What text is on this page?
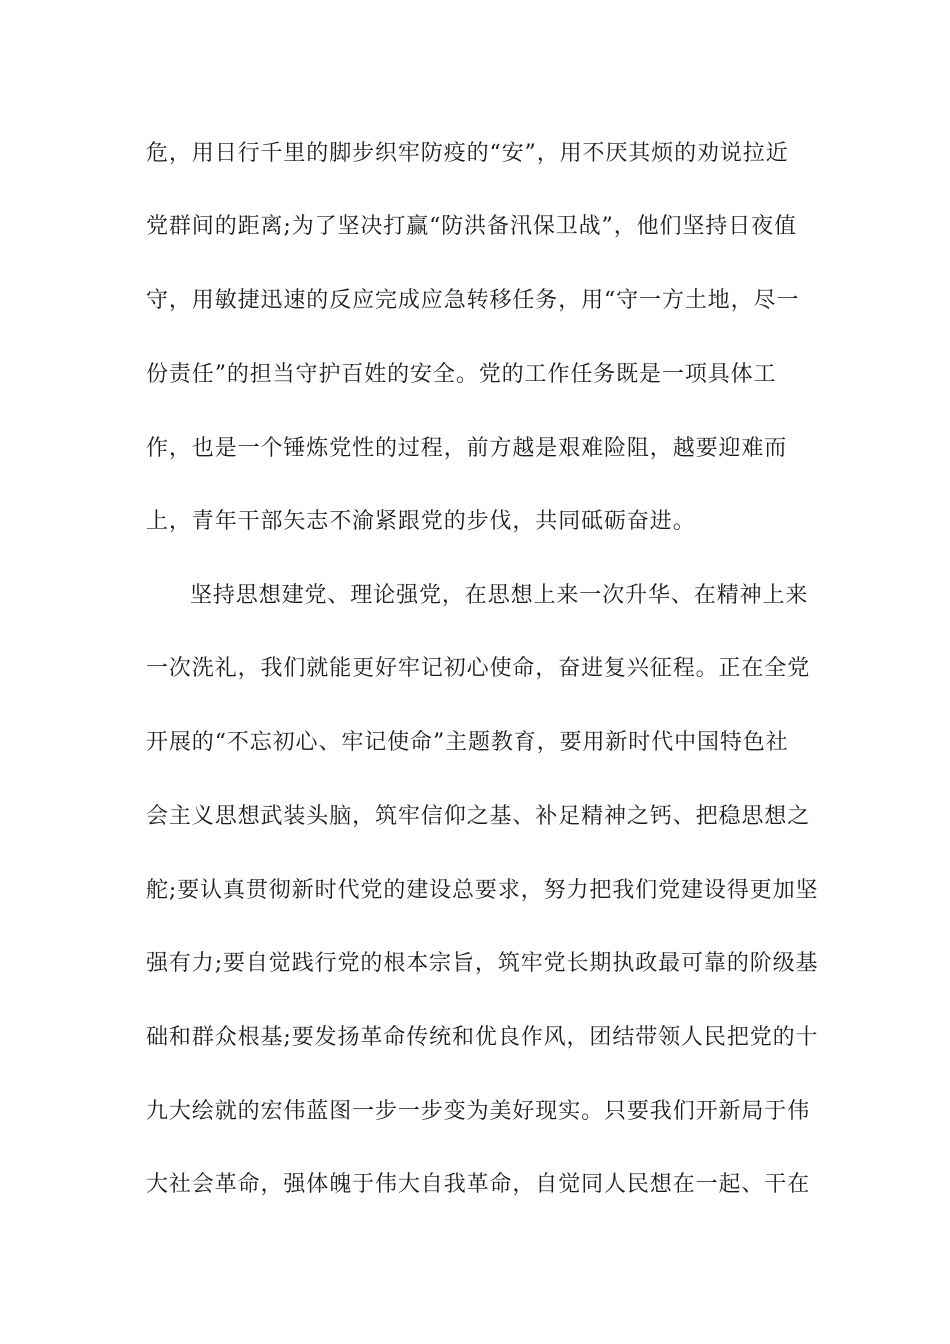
危，用日行千里的脚步织牢防疫的“安”，用不厌其烦的劝说拉近
党群间的距离;为了坚决打赢“防洪备汛保卫战”，他们坚持日夜值
守，用敏捷迅速的反应完成应急转移任务，用“守一方土地，尽一
份责任”的担当守护百姓的安全。党的工作任务既是一项具体工
作，也是一个锤炼党性的过程，前方越是艰难险阻，越要迎难而
上，青年干部矢志不渝紧跟党的步伐，共同砥砺奋进。
坚持思想建党、理论强党，在思想上来一次升华、在精神上来
一次洗礼，我们就能更好牢记初心使命，奋进复兴征程。正在全党
开展的“不忘初心、牢记使命”主题教育，要用新时代中国特色社
会主义思想武装头脑，筑牢信仰之基、补足精神之钙、把稳思想之
舵;要认真贯彻新时代党的建设总要求，努力把我们党建设得更加坚
强有力;要自觉践行党的根本宗旨，筑牢党长期执政最可靠的阶级基
础和群众根基;要发扬革命传统和优良作风，团结带领人民把党的十
九大绘就的宏伟蓝图一步一步变为美好现实。只要我们开新局于伟
大社会革命，强体魄于伟大自我革命，自觉同人民想在一起、干在
